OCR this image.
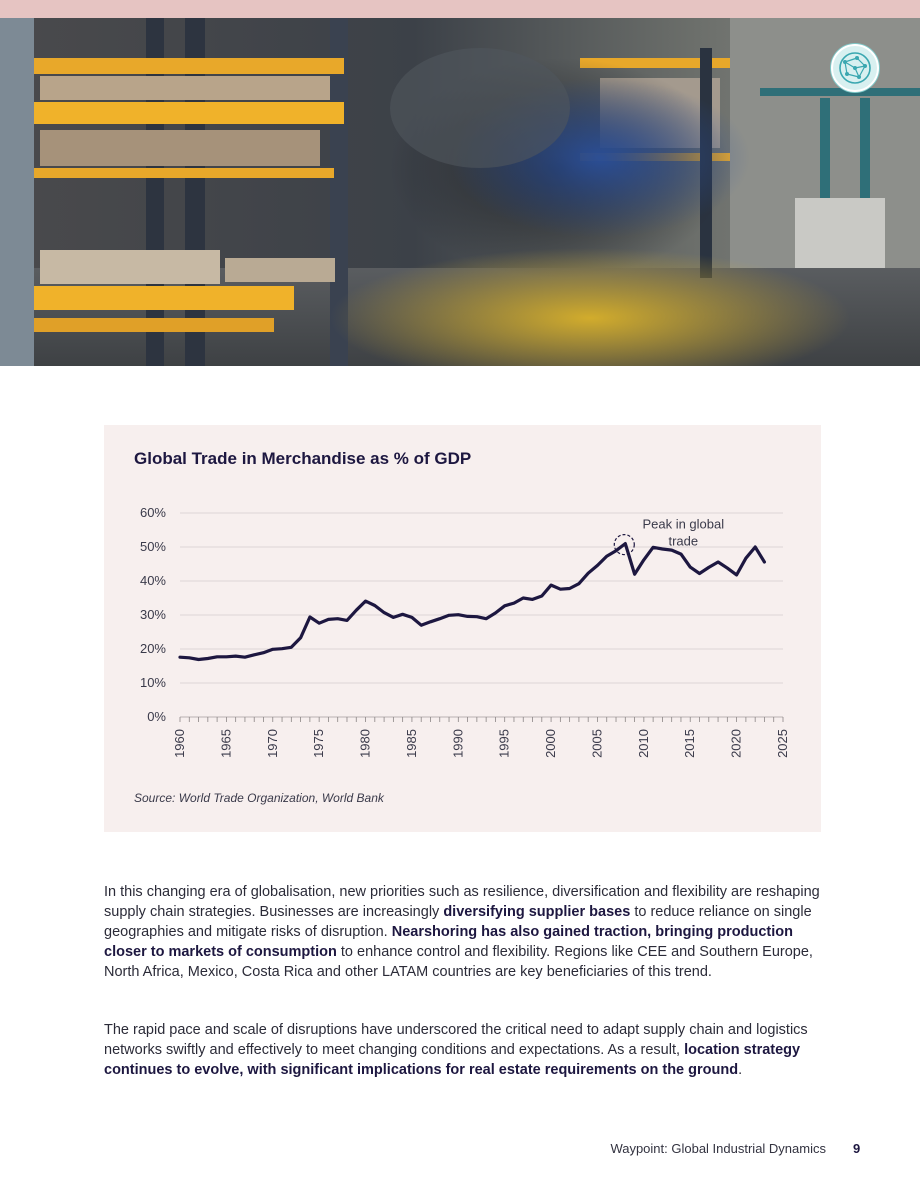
Global Trade in Merchandise as % of GDP
0%
10%
20%
30%
40%
50%
60%
1960 1965 1970 1975 1980 1985 1990 1995 2000 2005 2010 2015 2020 2025
Peak in global
trade

Source: World Trade Organization, World Bank

In this changing era of globalisation, new priorities such as resilience, diversification and flexibility are reshaping supply chain strategies. Businesses are increasingly diversifying supplier bases to reduce reliance on single geographies and mitigate risks of disruption. Nearshoring has also gained traction, bringing production closer to markets of consumption to enhance control and flexibility. Regions like CEE and Southern Europe, North Africa, Mexico, Costa Rica and other LATAM countries are key beneficiaries of this trend.

The rapid pace and scale of disruptions have underscored the critical need to adapt supply chain and logistics networks swiftly and effectively to meet changing conditions and expectations. As a result, location strategy continues to evolve, with significant implications for real estate requirements on the ground.

Waypoint: Global Industrial Dynamics 9
